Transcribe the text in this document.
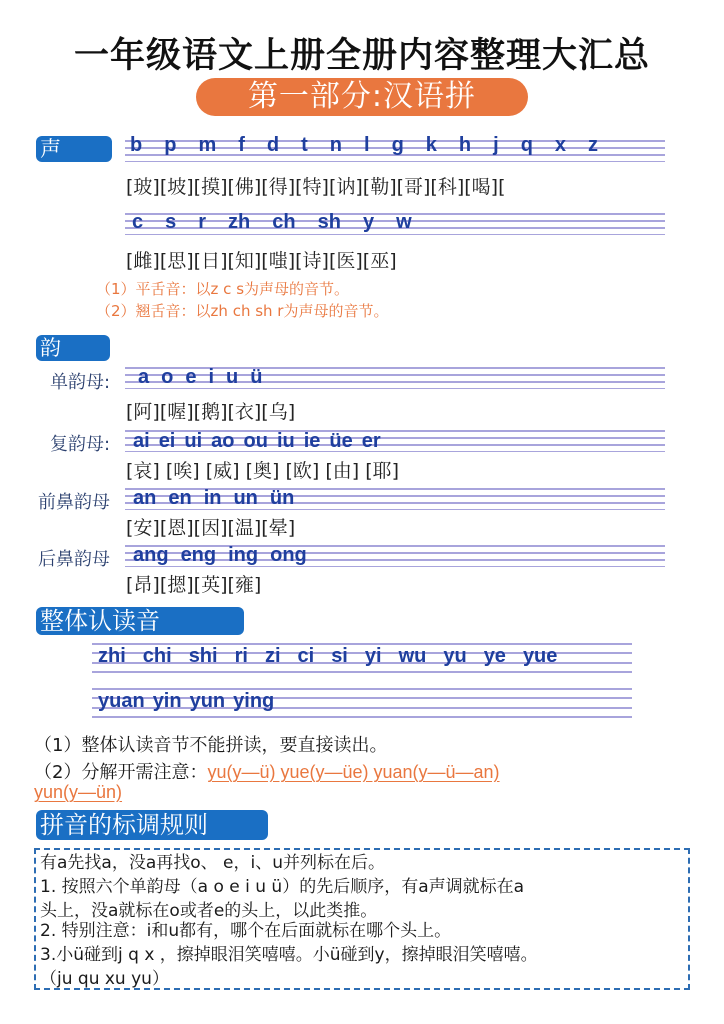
一年级语文上册全册内容整理大汇总
第一部分:汉语拼
声	b p m f d t n l g k h j q x z
[玻][坡][摸][佛][得][特][讷][勒][哥][科][喝][
c s r zh ch sh y w
[雌][思][日][知][嗤][诗][医][巫]
（1）平舌音：以z c s为声母的音节。
（2）翘舌音：以zh ch sh r为声母的音节。
韵
单韵母: a o e i u ü
[阿][喔][鹅][衣][乌]
复韵母: ai ei ui ao ou iu ie üe er
[哀] [唉] [威] [奥] [欧] [由] [耶]
前鼻韵母 an en in un ün
[安][恩][因][温][晕]
后鼻韵母 ang eng ing ong
[昂][摁][英][雍]
整体认读音
zhi chi shi ri zi ci si yi wu yu ye yue
yuan yin yun ying
（1）整体认读音节不能拼读，要直接读出。
（2）分解开需注意：yu(y—ü) yue(y—üe) yuan(y—ü—an)
yun(y—ün)
拼音的标调规则
有a先找a，没a再找o、 e，i、u并列标在后。
1. 按照六个单韵母（a o e i u ü）的先后顺序，有a声调就标在a
头上，没a就标在o或者e的头上，以此类推。
2. 特别注意：i和u都有，哪个在后面就标在哪个头上。
3.小ü碰到j q x ，擦掉眼泪笑嘻嘻。小ü碰到y，擦掉眼泪笑嘻嘻。
（ju qu xu yu）
